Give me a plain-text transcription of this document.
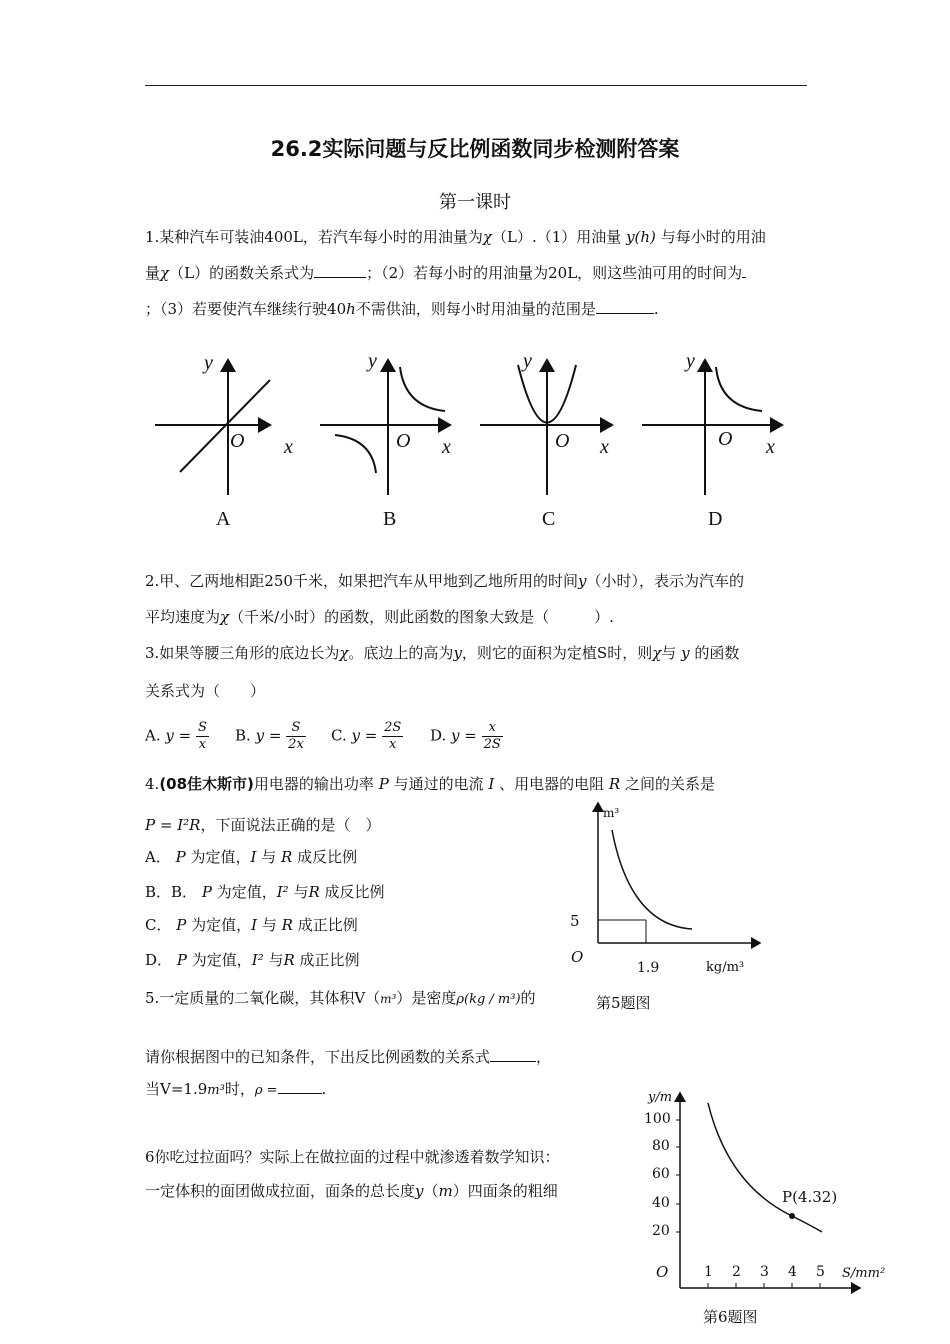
26.2实际问题与反比例函数同步检测附答案
第一课时
1.某种汽车可装油400L，若汽车每小时的用油量为χ（L）.（1）用油量 y(h) 与每小时的用油
量χ（L）的函数关系式为	；（2）若每小时的用油量为20L，则这些油可用的时间为
；（3）若要使汽车继续行驶40h不需供油，则每小时用油量的范围是	.
y
O x
y
O x
y
O x
y
O x
A	B	C	D
2.甲、乙两地相距250千米，如果把汽车从甲地到乙地所用的时间y（小时），表示为汽车的
平均速度为χ（千米/小时）的函数，则此函数的图象大致是（　　　）.
3.如果等腰三角形的底边长为χ。底边上的高为y，则它的面积为定植S时，则χ与 y 的函数
关系式为（　　）
A. $y = \frac{S}{x} B$. $y = \frac{S}{2x} C$. $y = \frac{2S}{x} D$. $y = \frac{x}{2S}$
4.(08佳木斯市)用电器的输出功率 P 与通过的电流 I 、用电器的电阻 R 之间的关系是
P = I²R，下面说法正确的是（　）
A． P 为定值，I 与 R 成反比例
B．B． P 为定值，I² 与R 成反比例
C． P 为定值，I 与 R 成正比例
D． P 为定值，I² 与R 成正比例
m³
O
5
1.9	kg/m³
第5题图
5.一定质量的二氧化碳，其体积V（m³）是密度ρ(kg / m³)的
请你根据图中的已知条件，下出反比例函数的关系式	，
当V=1.9m³时，ρ =	.	y/m
100
80
60
40
20
O	1 2 3 4 5 S/mm²
P(4.32)
第6题图
6你吃过拉面吗？实际上在做拉面的过程中就渗透着数学知识：
一定体积的面团做成拉面，面条的总长度y（m）四面条的粗细
